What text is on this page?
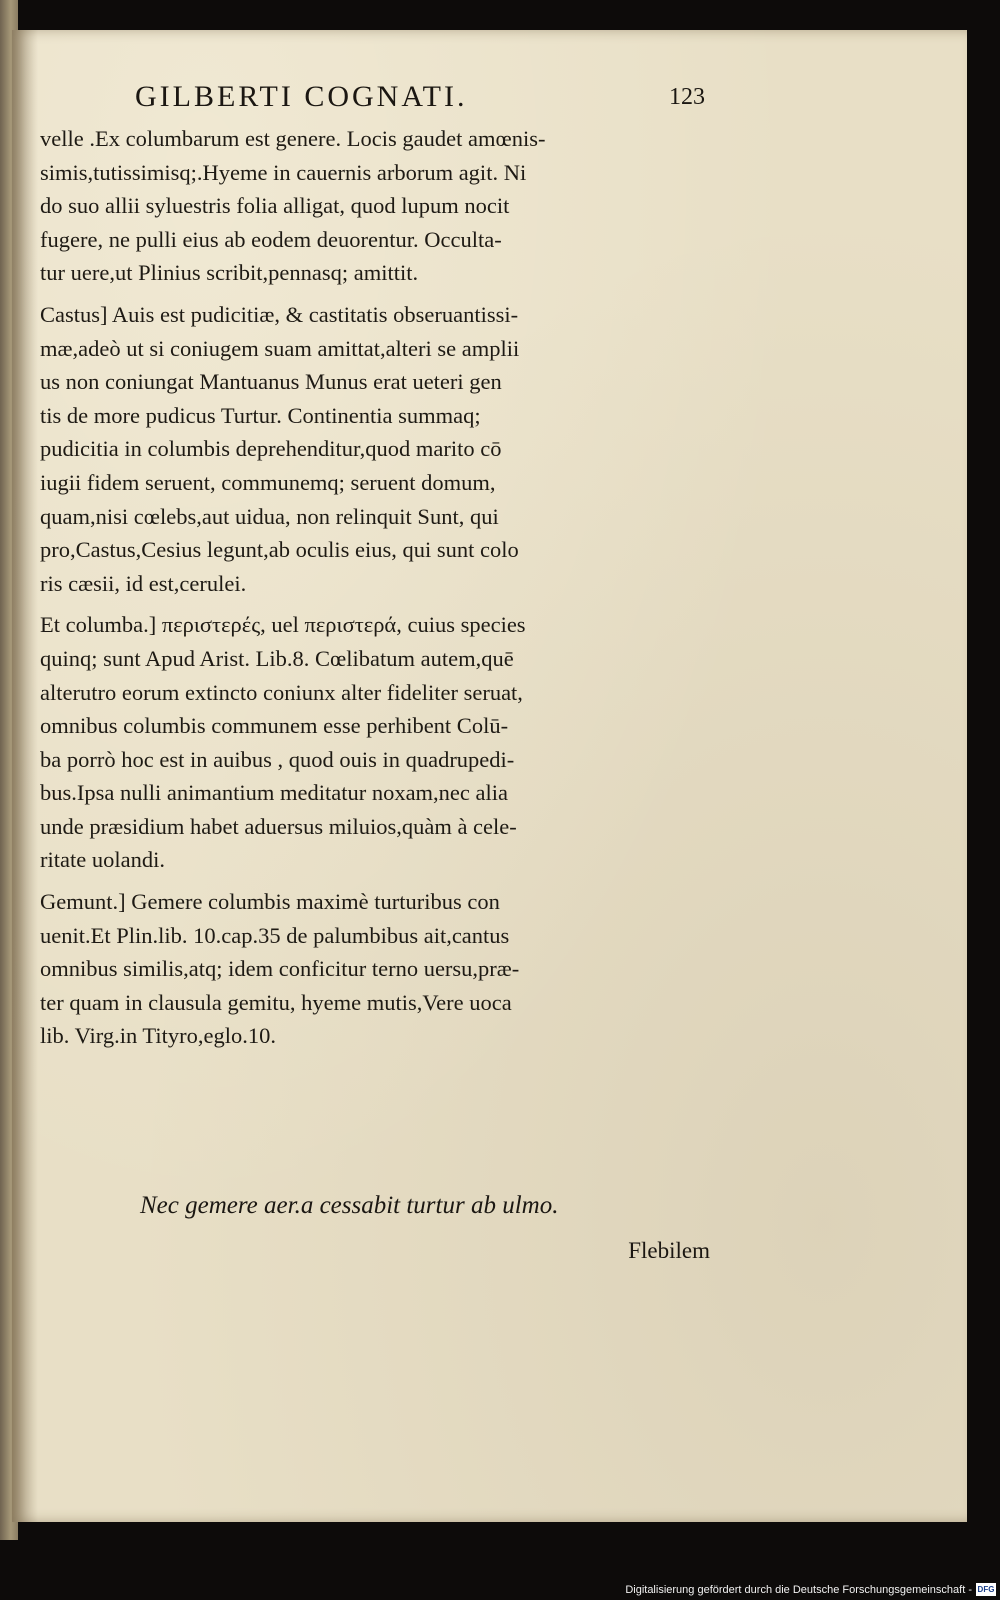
GILBERTI COGNATI.	123
velle .Ex columbarum est genere. Locis gaudet amœnis-
simis,tutissimisq;.Hyeme in cauernis arborum agit. Ni
do suo allii syluestris folia alligat, quod lupum nocit
fugere, ne pulli eius ab eodem deuorentur. Occulta-
tur uere,ut Plinius scribit,pennasq; amittit.
Castus] Auis est pudicitiæ, & castitatis obseruantissi-
mæ,adeò ut si coniugem suam amittat,alteri se amplii
us non coniungat Mantuanus Munus erat ueteri gen
tis de more pudicus Turtur. Continentia summaq;
pudicitia in columbis deprehenditur,quod marito cō
iugii fidem seruent, communemq; seruent domum,
quam,nisi cœlebs,aut uidua, non relinquit Sunt, qui
pro,Castus,Cesius legunt,ab oculis eius, qui sunt colo
ris cæsii, id est,cerulei.
Et columba.] περιστερές, uel περιστερά, cuius species
quinq; sunt Apud Arist. Lib.8. Cœlibatum autem,quē
alterutro eorum extincto coniunx alter fideliter seruat,
omnibus columbis communem esse perhibent Colū-
ba porrò hoc est in auibus , quod ouis in quadrupedi-
bus.Ipsa nulli animantium meditatur noxam,nec alia
unde præsidium habet aduersus miluios,quàm à cele-
ritate uolandi.
Gemunt.] Gemere columbis maximè turturibus con
uenit.Et Plin.lib. 10.cap.35 de palumbibus ait,cantus
omnibus similis,atq; idem conficitur terno uersu,præ-
ter quam in clausula gemitu, hyeme mutis,Vere uoca
lib. Virg.in Tityro,eglo.10.
Nec gemere aer.a cessabit turtur ab ulmo.
Flebilem
Digitalisierung gefördert durch die Deutsche Forschungsgemeinschaft - DFG
